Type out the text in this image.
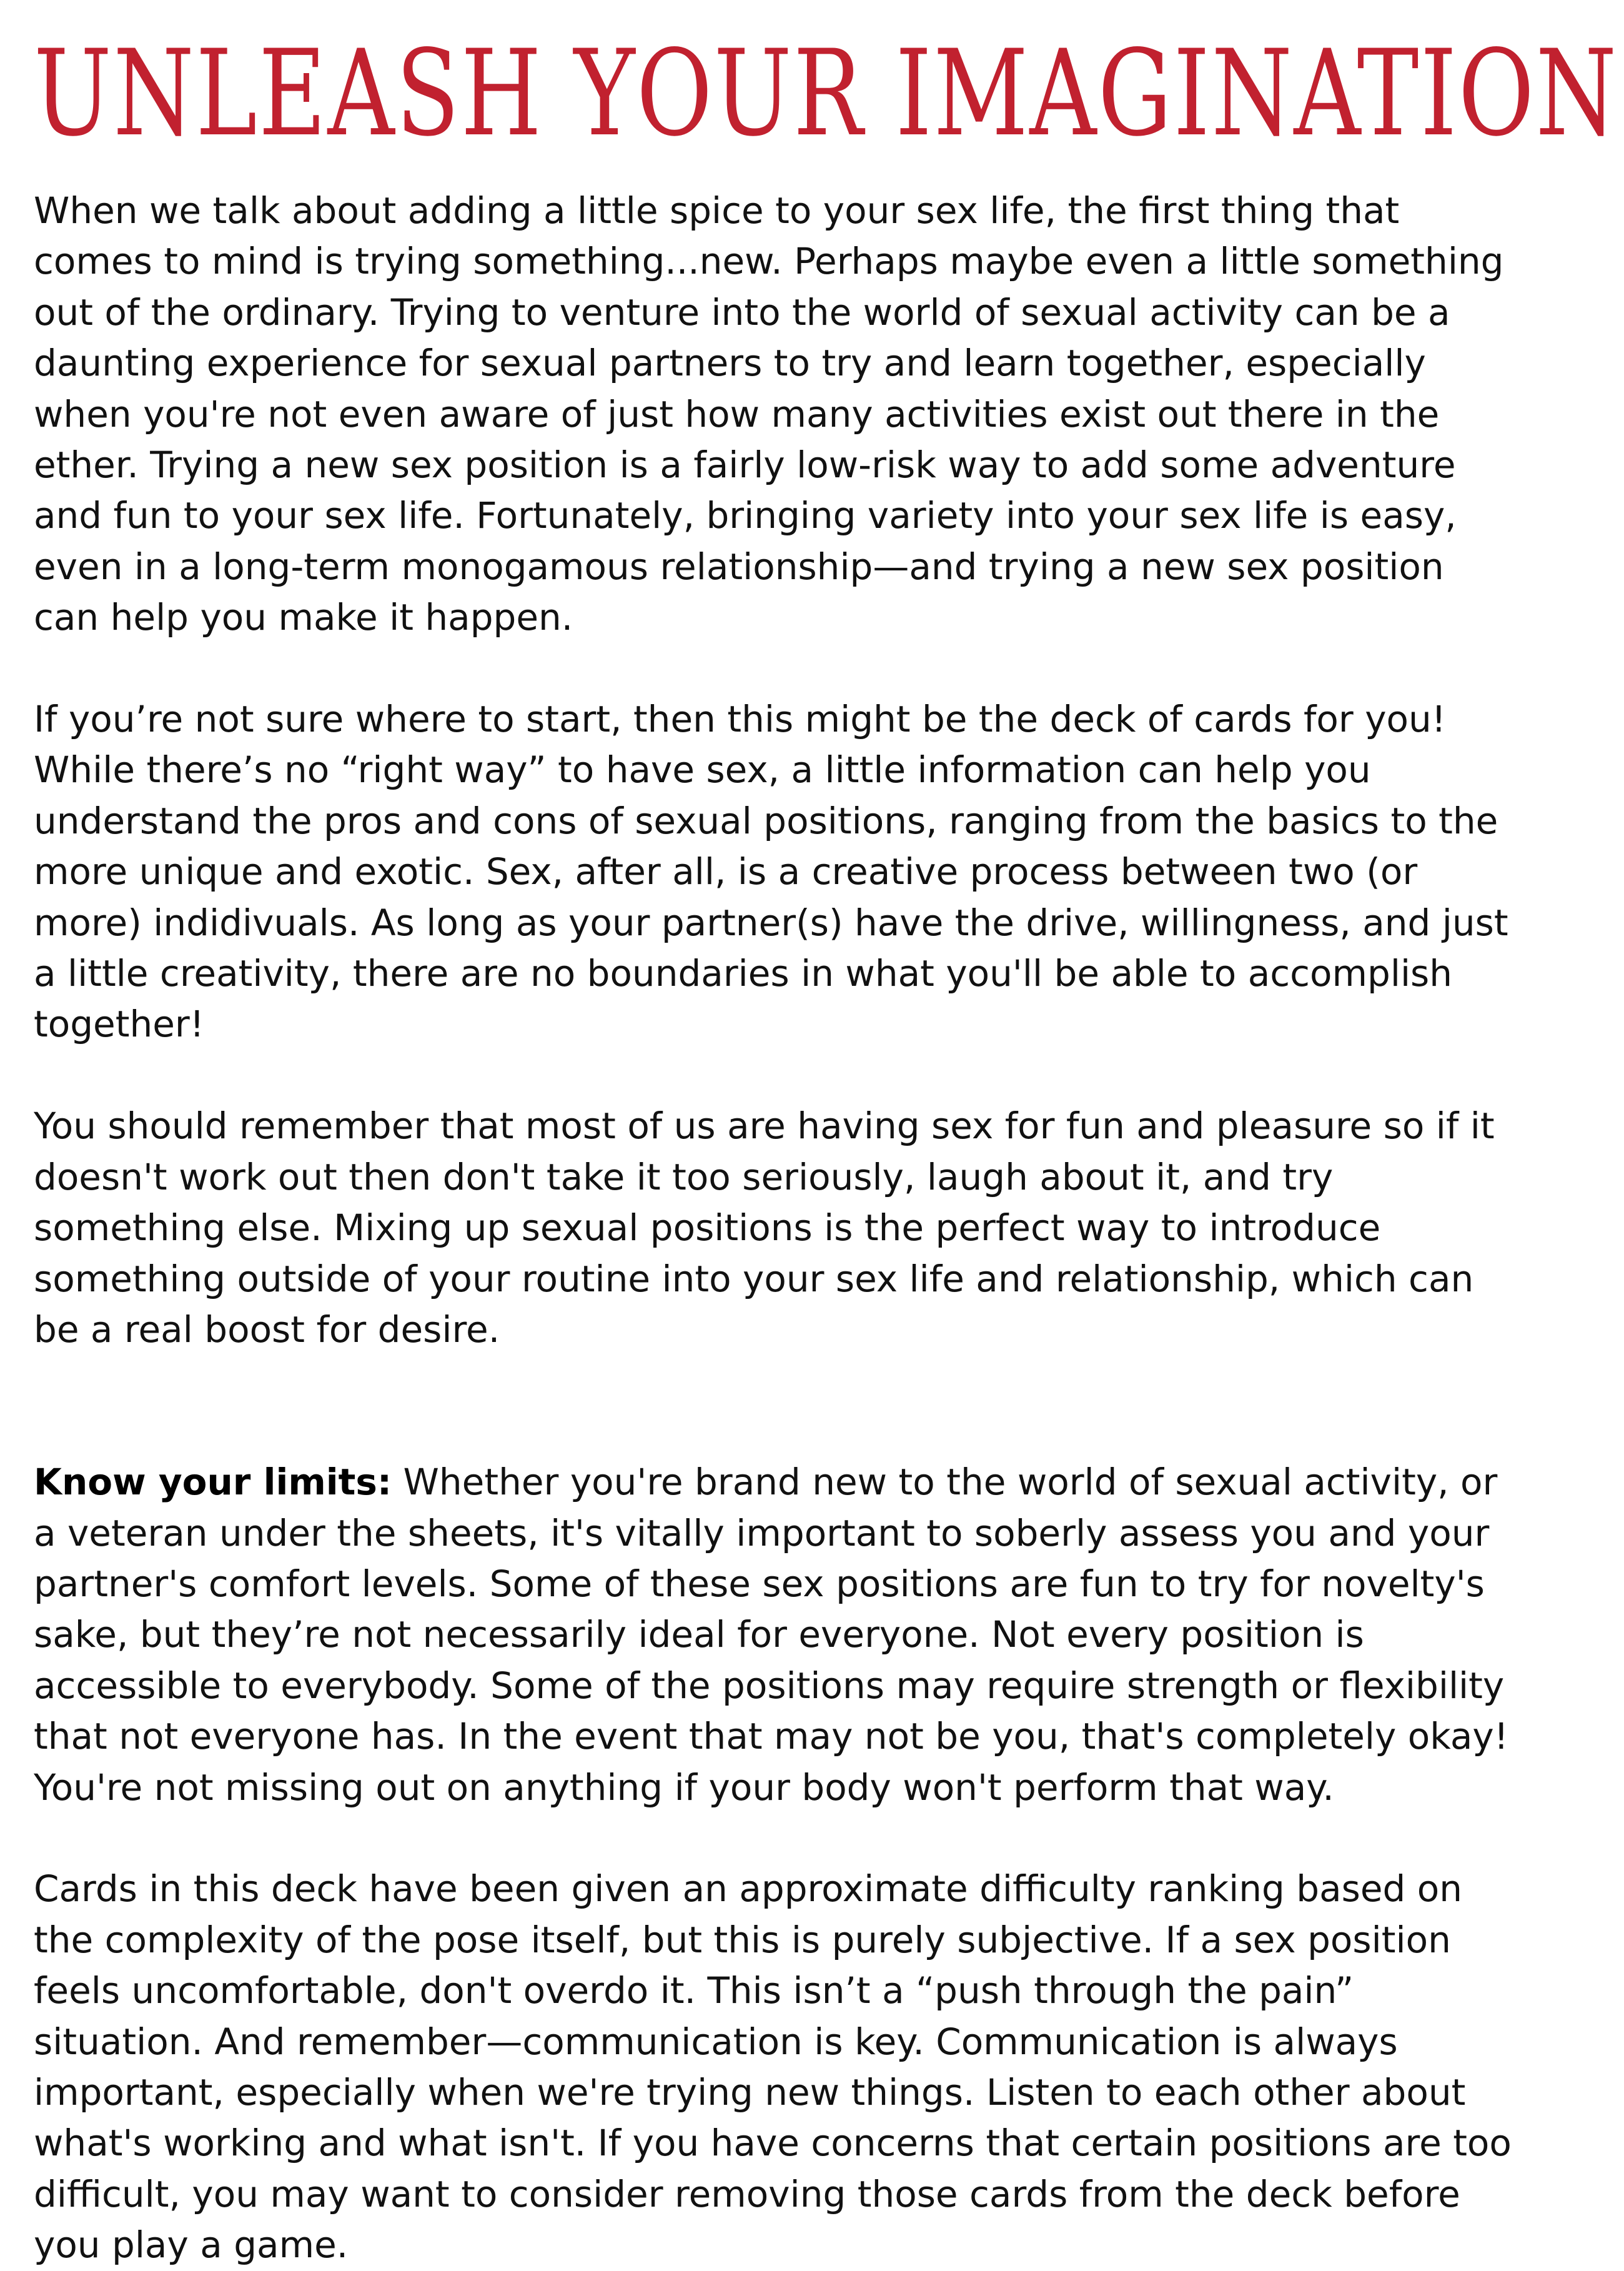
UNLEASH YOUR IMAGINATION

When we talk about adding a little spice to your sex life, the first thing that comes to mind is trying something...new. Perhaps maybe even a little something out of the ordinary. Trying to venture into the world of sexual activity can be a daunting experience for sexual partners to try and learn together, especially when you're not even aware of just how many activities exist out there in the ether. Trying a new sex position is a fairly low-risk way to add some adventure and fun to your sex life. Fortunately, bringing variety into your sex life is easy, even in a long-term monogamous relationship—and trying a new sex position can help you make it happen.

If you’re not sure where to start, then this might be the deck of cards for you! While there’s no “right way” to have sex, a little information can help you understand the pros and cons of sexual positions, ranging from the basics to the more unique and exotic. Sex, after all, is a creative process between two (or more) indidivuals. As long as your partner(s) have the drive, willingness, and just a little creativity, there are no boundaries in what you'll be able to accomplish together!

You should remember that most of us are having sex for fun and pleasure so if it doesn't work out then don't take it too seriously, laugh about it, and try something else. Mixing up sexual positions is the perfect way to introduce something outside of your routine into your sex life and relationship, which can be a real boost for desire.

Know your limits: Whether you're brand new to the world of sexual activity, or a veteran under the sheets, it's vitally important to soberly assess you and your partner's comfort levels. Some of these sex positions are fun to try for novelty's sake, but they’re not necessarily ideal for everyone. Not every position is accessible to everybody. Some of the positions may require strength or flexibility that not everyone has. In the event that may not be you, that's completely okay! You're not missing out on anything if your body won't perform that way.

Cards in this deck have been given an approximate difficulty ranking based on the complexity of the pose itself, but this is purely subjective. If a sex position feels uncomfortable, don't overdo it. This isn’t a “push through the pain” situation. And remember—communication is key. Communication is always important, especially when we're trying new things. Listen to each other about what's working and what isn't. If you have concerns that certain positions are too difficult, you may want to consider removing those cards from the deck before you play a game.
